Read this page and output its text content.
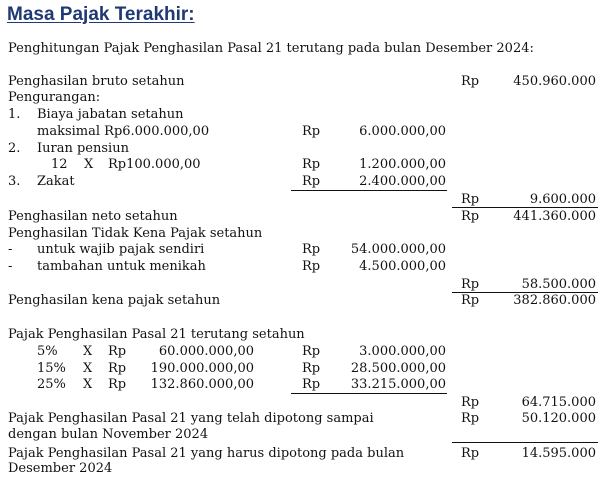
Masa Pajak Terakhir:
Penghitungan Pajak Penghasilan Pasal 21 terutang pada bulan Desember 2024:
Penghasilan bruto setahun	Rp	450.960.000
Pengurangan:
1. Biaya jabatan setahun
maksimal Rp6.000.000,00	Rp	6.000.000,00
2. Iuran pensiun
12 X Rp100.000,00	Rp	1.200.000,00
3. Zakat	Rp	2.400.000,00
Rp	9.600.000
Penghasilan neto setahun	Rp	441.360.000
Penghasilan Tidak Kena Pajak setahun
- untuk wajib pajak sendiri	Rp	54.000.000,00
- tambahan untuk menikah	Rp	4.500.000,00
Rp	58.500.000
Penghasilan kena pajak setahun	Rp	382.860.000
Pajak Penghasilan Pasal 21 terutang setahun
5% X Rp	60.000.000,00	Rp	3.000.000,00
15% X Rp	190.000.000,00	Rp	28.500.000,00
25% X Rp	132.860.000,00	Rp	33.215.000,00
Rp	64.715.000
Pajak Penghasilan Pasal 21 yang telah dipotong sampai
dengan bulan November 2024
Rp	50.120.000
Pajak Penghasilan Pasal 21 yang harus dipotong pada bulan
Desember 2024
Rp	14.595.000
